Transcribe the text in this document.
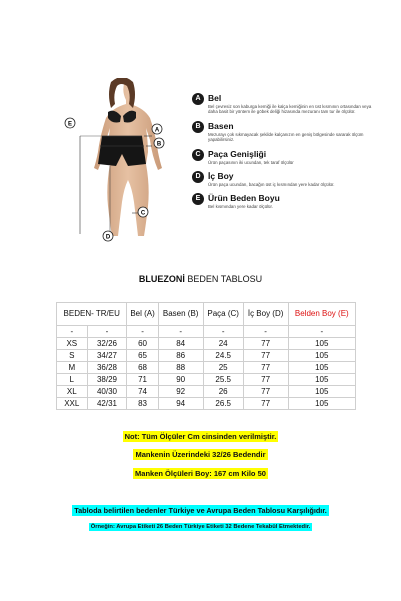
A
B
C
D
E
A Bel
Bel çevresiz son kaburga kemiği ile kalça kemiğinin en üst kısmının ortasından veya daha basit bir yöntem ile göbek deliği hizasında mezuranı tam tur ile ölçülür.
B Basen
Mezurayı çok sıkmayacak şekilde kalçanızın en geniş bölgesinde sararak ölçüm yapabilirsiniz.
C Paça Genişliği
Ürün paçasının iki ucundan, tek taraf ölçülür
D İç Boy
Ürün paça ucundan, bacağın üst iç kısmından yere kadar ölçülür.
E Ürün Beden Boyu
Bel kısmından yere kadar ölçülür.
BLUEZONİ BEDEN TABLOSU
BEDEN- TR/EU		Bel (A)	Basen (B)	Paça (C)	İç Boy (D)	Belden Boy (E)
-	-	-	-	-	-	-
XS	32/26	60	84	24	77	105
S	34/27	65	86	24.5	77	105
M	36/28	68	88	25	77	105
L	38/29	71	90	25.5	77	105
XL	40/30	74	92	26	77	105
XXL	42/31	83	94	26.5	77	105
Not: Tüm Ölçüler Cm cinsinden verilmiştir.
Mankenin Üzerindeki 32/26 Bedendir
Manken Ölçüleri Boy: 167 cm Kilo 50
Tabloda belirtilen bedenler Türkiye ve Avrupa Beden Tablosu Karşılığıdır.
Örneğin: Avrupa Etiketi 26 Beden Türkiye Etiketi 32 Bedene Tekabül Etmektedir.
